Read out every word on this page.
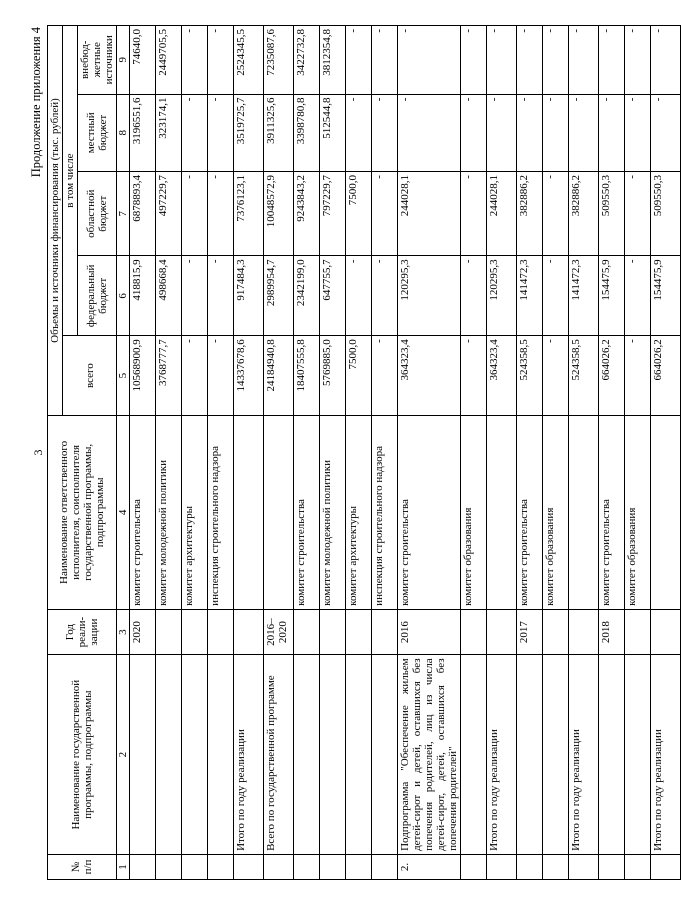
3
Продолжение приложения 4
№ п/п	Наименование государственной программы, подпрограммы	Год реали-зации	Наименование ответственного исполнителя, соисполнителя государственной программы, подпрограммы	Объемы и источники финансирования (тыс. рублей)				
				всего	в том числе			
					федеральный бюджет	областной бюджет	местный бюджет	внебюд-жетные источники
1	2	3	4	5	6	7	8	9
		2020	комитет строительства	10568900,9	418815,9	6878893,4	3196551,6	74640,0
			комитет молодежной политики	3768777,7	498668,4	497229,7	323174,1	2449705,5
			комитет архитектуры	-	-	-	-	-
			инспекция строительного надзора	-	-	-	-	-
	Итого по году реализации			14337678,6	917484,3	7376123,1	3519725,7	2524345,5
	Всего по государственной программе	2016–2020		24184940,8	2989954,7	10048572,9	3911325,6	7235087,6
			комитет строительства	18407555,8	2342199,0	9243843,2	3398780,8	3422732,8
			комитет молодежной политики	5769885,0	647755,7	797229,7	512544,8	3812354,8
			комитет архитектуры	7500,0	-	7500,0	-	-
			инспекция строительного надзора	-	-	-	-	-
2.	Подпрограмма "Обеспечение жильем детей-сирот и детей, оставшихся без попечения родителей, лиц из числа детей-сирот, детей, оставшихся без попечения родителей"	2016	комитет строительства	364323,4	120295,3	244028,1	-	-
			комитет образования	-	-	-	-	-
	Итого по году реализации			364323,4	120295,3	244028,1	-	-
		2017	комитет строительства	524358,5	141472,3	382886,2	-	-
			комитет образования	-	-	-	-	-
	Итого по году реализации			524358,5	141472,3	382886,2	-	-
		2018	комитет строительства	664026,2	154475,9	509550,3	-	-
			комитет образования	-	-	-	-	-
	Итого по году реализации			664026,2	154475,9	509550,3	-	-
